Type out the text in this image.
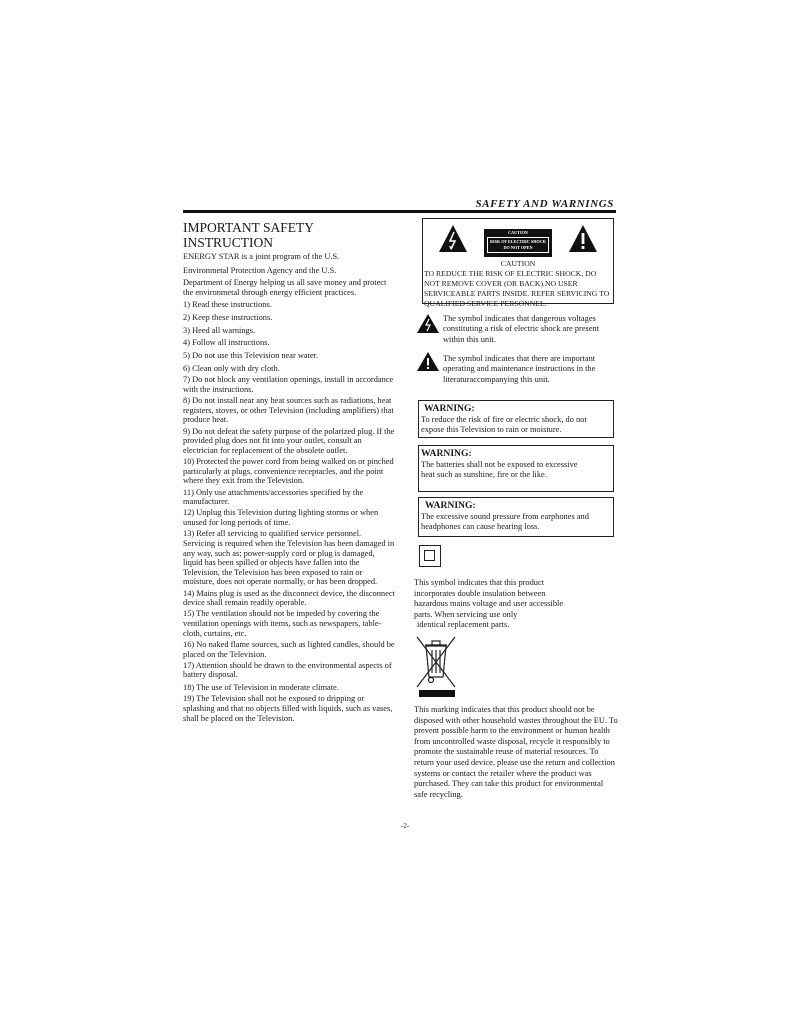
SAFETY AND WARNINGS
IMPORTANT SAFETY INSTRUCTION
ENERGY STAR is a joint program of the U.S.
Environmetal Protection Agency and the U.S.
Department of Energy helping us all save money and protect the environmetal through energy efficient practices.
1) Read these instructions.
2) Keep these instructions.
3) Heed all warnings.
4) Follow all instructions.
5) Do not use this Television near water.
6) Clean only with dry cloth.
7) Do not block any ventilation openings, install in accordance with the instructions.
8) Do not install near any heat sources such as radiations, heat registers, stoves, or other Television (including amplifiers) that produce heat.
9) Do not defeat the safety purpose of the polarized plug. If the provided plug does not fit into your outlet, consult an electrician for replacement of the obsolete outlet.
10) Protected the power cord from being walked on or pinched particularly at plugs, convenience receptacles, and the point where they exit from the Television.
11) Only use attachments/accessories specified by the manufacturer.
12) Unplug this Television during lighting storms or when unused for long periods of time.
13) Refer all servicing to qualified service personnel. Servicing is required when the Television has been damaged in any way, such as; power-supply cord or plug is damaged, liquid has been spilled or objects have fallen into the Television, the Television has been exposed to rain or moisture, does not operate normally, or has been dropped.
14) Mains plug is used as the disconnect device, the disconnect device shall remain readily operable.
15) The ventilation should not be impeded by covering the ventilation openings with items, such as newspapers, table-cloth, curtains, etc.
16) No naked flame sources, such as lighted candles, should be placed on the Television.
17) Attention should be drawn to the environmental aspects of battery disposal.
18) The use of Television in moderate climate.
19) The Television shall not be exposed to dripping or splashing and that no objects filled with liquids, such as vases, shall be placed on the Television.
CAUTION
RISK OF ELECTRIC SHOCK
DO NOT OPEN
CAUTION
TO REDUCE THE RISK OF ELECTRIC SHOCK, DO NOT REMOVE COVER (OR BACK).NO USER SERVICEABLE PARTS INSIDE. REFER SERVICING TO QUALIFIED SERVICE PERSONNEL.
The symbol indicates that dangerous voltages constituting a risk of electric shock are present within this unit.
The symbol indicates that there are important operating and maintenance instructions in the literaturaccompanying this unit.
WARNING:
To reduce the risk of fire or electric shock, do not expose this Television to rain or moisture.
WARNING:
The batteries shall not be exposed to excessive heat such as sunshine, fire or the like.
WARNING:
The excessive sound pressure from earphones and headphones can cause hearing loss.
This symbol indicates that this product
incorporates double insulation between
hazardous mains voltage and user accessible
parts. When servicing use only
identical replacement parts.
This marking indicates that this product should not be disposed with other household wastes throughout the EU. To prevent possible harm to the environment or human health from uncontrolled waste disposal, recycle it responsibly to promote the sustainable reuse of material resources. To return your used device, please use the return and collection systems or contact the retailer where the product was purchased. They can take this product for environmental safe recycling.
-2-
